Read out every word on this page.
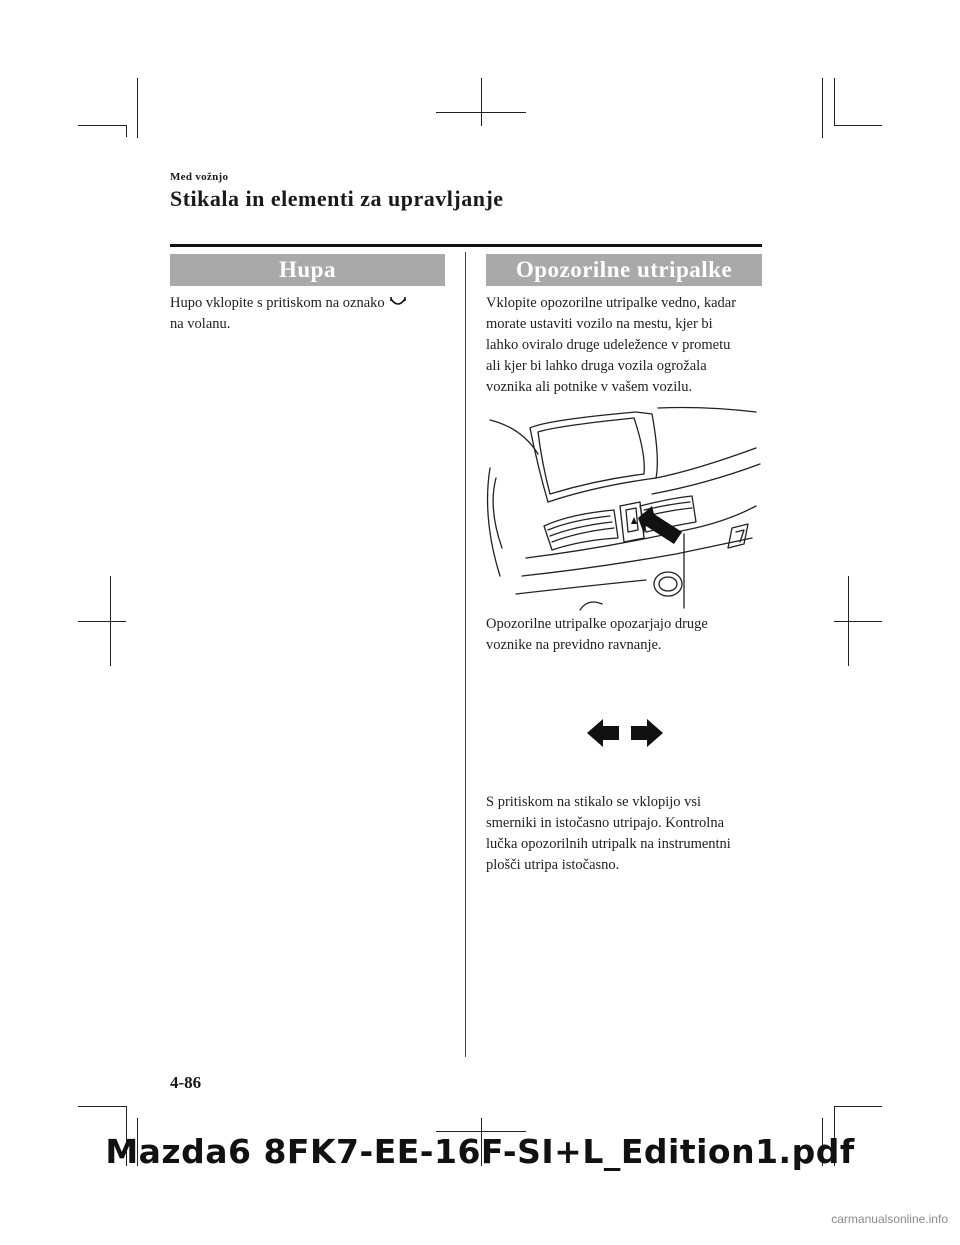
Med vožnjo
Stikala in elementi za upravljanje
Hupa
Hupo vklopite s pritiskom na oznako
na volanu.
Opozorilne utripalke
Vklopite opozorilne utripalke vedno, kadar
morate ustaviti vozilo na mestu, kjer bi
lahko oviralo druge udeležence v prometu
ali kjer bi lahko druga vozila ogrožala
voznika ali potnike v vašem vozilu.
Opozorilne utripalke opozarjajo druge
voznike na previdno ravnanje.
S pritiskom na stikalo se vklopijo vsi
smerniki in istočasno utripajo. Kontrolna
lučka opozorilnih utripalk na instrumentni
plošči utripa istočasno.
4-86
Mazda6 8FK7-EE-16F-SI+L_Edition1.pdf
carmanualsonline.info
